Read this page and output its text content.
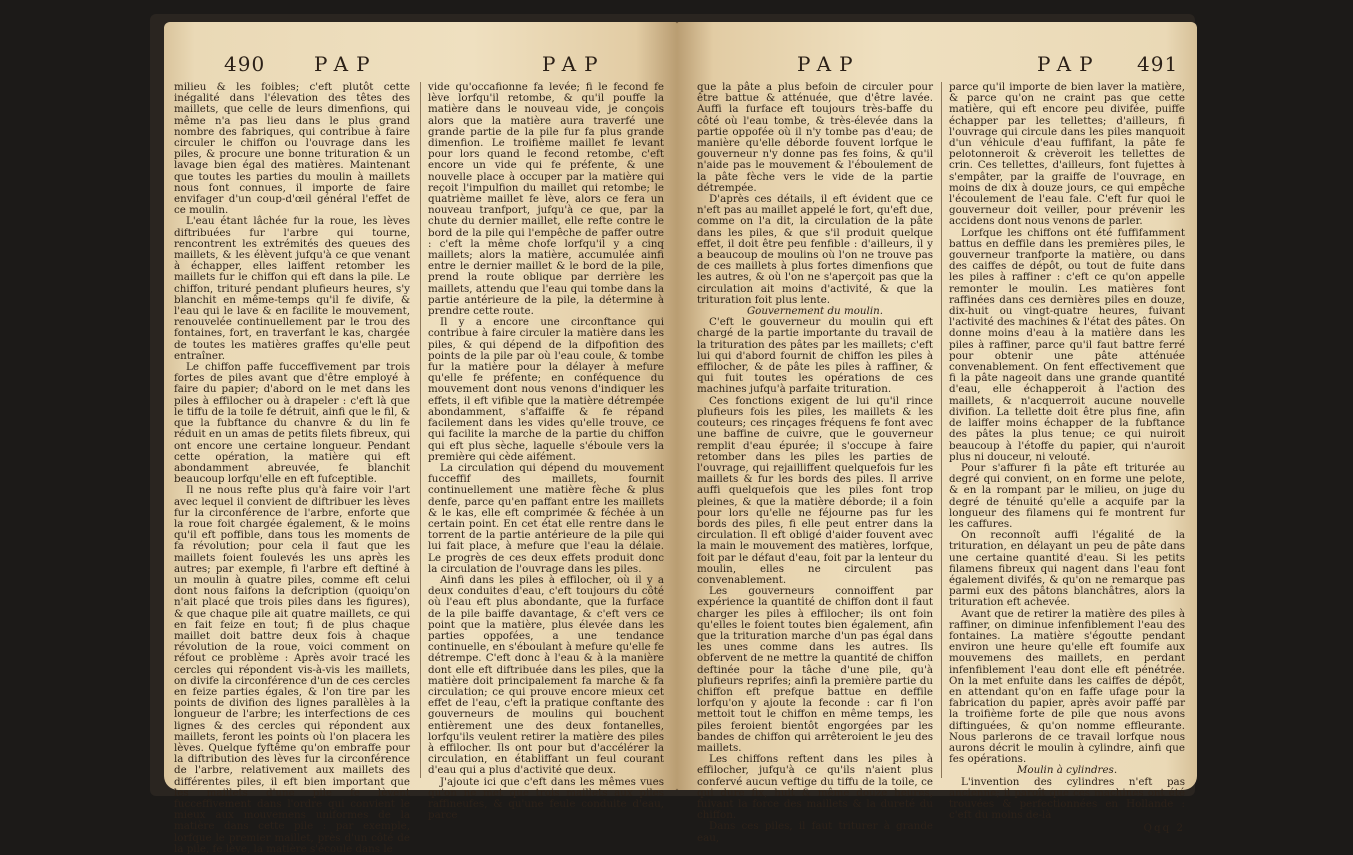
490 PAP	PAP

milieu & les foibles; c'eft plutôt cette inégalité dans l'élevation des têtes des maillets, que celle de leurs dimenfions, qui même n'a pas lieu dans le plus grand nombre des fabriques, qui contribue à faire circuler le chiffon ou l'ouvrage dans les piles, & procure une bonne trituration & un lavage bien égal des matières. Maintenant que toutes les parties du moulin à maillets nous font connues, il importe de faire envifager d'un coup-d'œil général l'effet de ce moulin.

L'eau étant lâchée fur la roue, les lèves diftribuées fur l'arbre qui tourne, rencontrent les extrémités des queues des maillets, & les élèvent jufqu'à ce que venant à échapper, elles laiffent retomber les maillets fur le chiffon qui eft dans la pile. Le chiffon, trituré pendant plufieurs heures, s'y blanchit en même-temps qu'il fe divife, & l'eau qui le lave & en facilite le mouvement, renouvelée continuellement par le trou des fontaines, fort, en traverfant le kas, chargée de toutes les matières graffes qu'elle peut entraîner.

Le chiffon paffe fucceffivement par trois fortes de piles avant que d'être employé à faire du papier; d'abord on le met dans les piles à effilocher ou à drapeler : c'eft là que le tiffu de la toile fe détruit, ainfi que le fil, & que la fubftance du chanvre & du lin fe réduit en un amas de petits filets fibreux, qui ont encore une certaine longueur. Pendant cette opération, la matière qui eft abondamment abreuvée, fe blanchit beaucoup lorfqu'elle en eft fufceptible.

Il ne nous refte plus qu'à faire voir l'art avec lequel il convient de diftribuer les lèves fur la circonférence de l'arbre, enforte que la roue foit chargée également, & le moins qu'il eft poffible, dans tous les moments de fa révolution; pour cela il faut que les maillets foient foulevés les uns après les autres; par exemple, fi l'arbre eft deftiné à un moulin à quatre piles, comme eft celui dont nous faifons la defcription (quoiqu'on n'ait placé que trois piles dans les figures), & que chaque pile ait quatre maillets, ce qui en fait feize en tout; fi de plus chaque maillet doit battre deux fois à chaque révolution de la roue, voici comment on réfout ce problème : Après avoir tracé les cercles qui répondent vis-à-vis les maillets, on divife la circonférence d'un de ces cercles en feize parties égales, & l'on tire par les points de divifion des lignes parallèles à la longueur de l'arbre; les interfections de ces lignes & des cercles qui répondent aux maillets, feront les points où l'on placera les lèves. Quelque fyftême qu'on embraffe pour la diftribution des lèves fur la circonférence de l'arbre, relativement aux maillets des différentes piles, il eft bien important que les maillets d'une pile fe lèvent fucceffivement dans l'ordre qui convient le mieux aux mouvemens uniformes de la matière dans cette pile : par exemple, lorfque le premier maillet, près d'un côté de la pile, fe lève, la matière s'écoule dans le

vide qu'occafionne fa levée; fi le fecond fe lève lorfqu'il retombe, & qu'il pouffe la matière dans le nouveau vide, je conçois alors que la matière aura traverfé une grande partie de la pile fur fa plus grande dimenfion. Le troifième maillet fe levant pour lors quand le fecond retombe, c'eft encore un vide qui fe préfente, & une nouvelle place à occuper par la matière qui reçoit l'impulfion du maillet qui retombe; le quatrième maillet fe lève, alors ce fera un nouveau tranfport, jufqu'à ce que, par la chute du dernier maillet, elle refte contre le bord de la pile qui l'empêche de paffer outre : c'eft la même chofe lorfqu'il y a cinq maillets; alors la matière, accumulée ainfi entre le dernier maillet & le bord de la pile, prend la route oblique par derrière les maillets, attendu que l'eau qui tombe dans la partie antérieure de la pile, la détermine à prendre cette route.

Il y a encore une circonftance qui contribue à faire circuler la matière dans les piles, & qui dépend de la difpofition des points de la pile par où l'eau coule, & tombe fur la matière pour la délayer à mefure qu'elle fe préfente; en conféquence du mouvement dont nous venons d'indiquer les effets, il eft vifible que la matière détrempée abondamment, s'affaiffe & fe répand facilement dans les vides qu'elle trouve, ce qui facilite la marche de la partie du chiffon qui eft plus sèche, laquelle s'éboule vers la première qui cède aifément.

La circulation qui dépend du mouvement fucceffif des maillets, fournit continuellement une matière fèche & plus denfe, parce qu'en paffant entre les maillets & le kas, elle eft comprimée & féchée à un certain point. En cet état elle rentre dans le torrent de la partie antérieure de la pile qui lui fait place, à mefure que l'eau la délaie. Le progrès de ces deux effets produit donc la circulation de l'ouvrage dans les piles.

Ainfi dans les piles à effilocher, où il y a deux conduites d'eau, c'eft toujours du côté où l'eau eft plus abondante, que la furface de la pile baiffe davantage, & c'eft vers ce point que la matière, plus élevée dans les parties oppofées, a une tendance continuelle, en s'éboulant à mefure qu'elle fe détrempe. C'eft donc à l'eau & à la manière dont elle eft diftribuée dans les piles, que la matière doit principalement fa marche & fa circulation; ce qui prouve encore mieux cet effet de l'eau, c'eft la pratique conftante des gouverneurs de moulins qui bouchent entièrement une des deux fontanelles, lorfqu'ils veulent retirer la matière des piles à effilocher. Ils ont pour but d'accélérer la circulation, en établiffant un feul courant d'eau qui a plus d'activité que deux.

J'ajoute ici que c'eft dans les mêmes vues qu'on ne met que trois maillets aux piles raffineufes, & qu'une feule conduite d'eau, parce

PAP	PAP 491

que la pâte a plus befoin de circuler pour être battue & atténuée, que d'être lavée. Auffi la furface eft toujours très-baffe du côté où l'eau tombe, & très-élevée dans la partie oppofée où il n'y tombe pas d'eau; de manière qu'elle déborde fouvent lorfque le gouverneur n'y donne pas fes foins, & qu'il n'aide pas le mouvement & l'éboulement de la pâte fèche vers le vide de la partie détrempée.

D'après ces détails, il eft évident que ce n'eft pas au maillet appelé le fort, qu'eft due, comme on l'a dit, la circulation de la pâte dans les piles, & que s'il produit quelque effet, il doit être peu fenfible : d'ailleurs, il y a beaucoup de moulins où l'on ne trouve pas de ces maillets à plus fortes dimenfions que les autres, & où l'on ne s'aperçoit pas que la circulation ait moins d'activité, & que la trituration foit plus lente.

Gouvernement du moulin.

C'eft le gouverneur du moulin qui eft chargé de la partie importante du travail de la trituration des pâtes par les maillets; c'eft lui qui d'abord fournit de chiffon les piles à effilocher, & de pâte les piles à raffiner, & qui fuit toutes les opérations de ces machines jufqu'à parfaite trituration.

Ces fonctions exigent de lui qu'il rince plufieurs fois les piles, les maillets & les couteurs; ces rinçages fréquens fe font avec une baffine de cuivre, que le gouverneur remplit d'eau épurée; il s'occupe à faire retomber dans les piles les parties de l'ouvrage, qui rejailliffent quelquefois fur les maillets & fur les bords des piles. Il arrive auffi quelquefois que les piles font trop pleines, & que la matière déborde; il a foin pour lors qu'elle ne féjourne pas fur les bords des piles, fi elle peut entrer dans la circulation. Il eft obligé d'aider fouvent avec la main le mouvement des matières, lorfque, foit par le défaut d'eau, foit par la lenteur du moulin, elles ne circulent pas convenablement.

Les gouverneurs connoiffent par expérience la quantité de chiffon dont il faut charger les piles à effilocher; ils ont foin qu'elles le foient toutes bien également, afin que la trituration marche d'un pas égal dans les unes comme dans les autres. Ils obfervent de ne mettre la quantité de chiffon deftinée pour la tâche d'une pile, qu'à plufieurs reprifes; ainfi la première partie du chiffon eft prefque battue en deffile lorfqu'on y ajoute la feconde : car fi l'on mettoit tout le chiffon en même temps, les piles feroient bientôt engorgées par les bandes de chiffon qui arrêteroient le jeu des maillets.

Les chiffons reftent dans les piles à effilocher, jufqu'à ce qu'ils n'aient plus confervé aucun veftige du tiffu de la toile, ce qui dure fix, huit & même douze heures, fuivant la force des maillets & la dureté du chiffon.

Dans ces piles, il faut triturer à grande eau,

parce qu'il importe de bien laver la matière, & parce qu'on ne craint pas que cette matière, qui eft encore peu divifée, puiffe échapper par les tellettes; d'ailleurs, fi l'ouvrage qui circule dans les piles manquoit d'un véhicule d'eau fuffifant, la pâte fe pelotonneroit & crèveroit les tellettes de crin. Ces tellettes, d'ailleurs, font fujettes à s'empâter, par la graiffe de l'ouvrage, en moins de dix à douze jours, ce qui empêche l'écoulement de l'eau fale. C'eft fur quoi le gouverneur doit veiller, pour prévenir les accidens dont nous venons de parler.

Lorfque les chiffons ont été fuffifamment battus en deffile dans les premières piles, le gouverneur tranfporte la matière, ou dans des caiffes de dépôt, ou tout de fuite dans les piles à raffiner : c'eft ce qu'on appelle remonter le moulin. Les matières font raffinées dans ces dernières piles en douze, dix-huit ou vingt-quatre heures, fuivant l'activité des machines & l'état des pâtes. On donne moins d'eau à la matière dans les piles à raffiner, parce qu'il faut battre ferré pour obtenir une pâte atténuée convenablement. On fent effectivement que fi la pâte nageoit dans une grande quantité d'eau, elle échapperoit à l'action des maillets, & n'acquerroit aucune nouvelle divifion. La tellette doit être plus fine, afin de laiffer moins échapper de la fubftance des pâtes la plus tenue; ce qui nuiroit beaucoup à l'étoffe du papier, qui n'auroit plus ni douceur, ni velouté.

Pour s'affurer fi la pâte eft triturée au degré qui convient, on en forme une pelote, & en la rompant par le milieu, on juge du degré de ténuité qu'elle a acquife par la longueur des filamens qui fe montrent fur les caffures.

On reconnoît auffi l'égalité de la trituration, en délayant un peu de pâte dans une certaine quantité d'eau. Si les petits filamens fibreux qui nagent dans l'eau font également divifés, & qu'on ne remarque pas parmi eux des pâtons blanchâtres, alors la trituration eft achevée.

Avant que de retirer la matière des piles à raffiner, on diminue infenfiblement l'eau des fontaines. La matière s'égoutte pendant environ une heure qu'elle eft foumife aux mouvemens des maillets, en perdant infenfiblement l'eau dont elle eft pénétrée. On la met enfuite dans les caiffes de dépôt, en attendant qu'on en faffe ufage pour la fabrication du papier, après avoir paffé par la troifième forte de pile que nous avons diftinguées, & qu'on nomme effleurante. Nous parlerons de ce travail lorfque nous aurons décrit le moulin à cylindre, ainfi que fes opérations.

Moulin à cylindres.

L'invention des cylindres n'eft pas ancienne; il paroît que ces machines ont été trouvées & perfectionnées en Hollande : c'eft du moins de-là

Qqq 2
